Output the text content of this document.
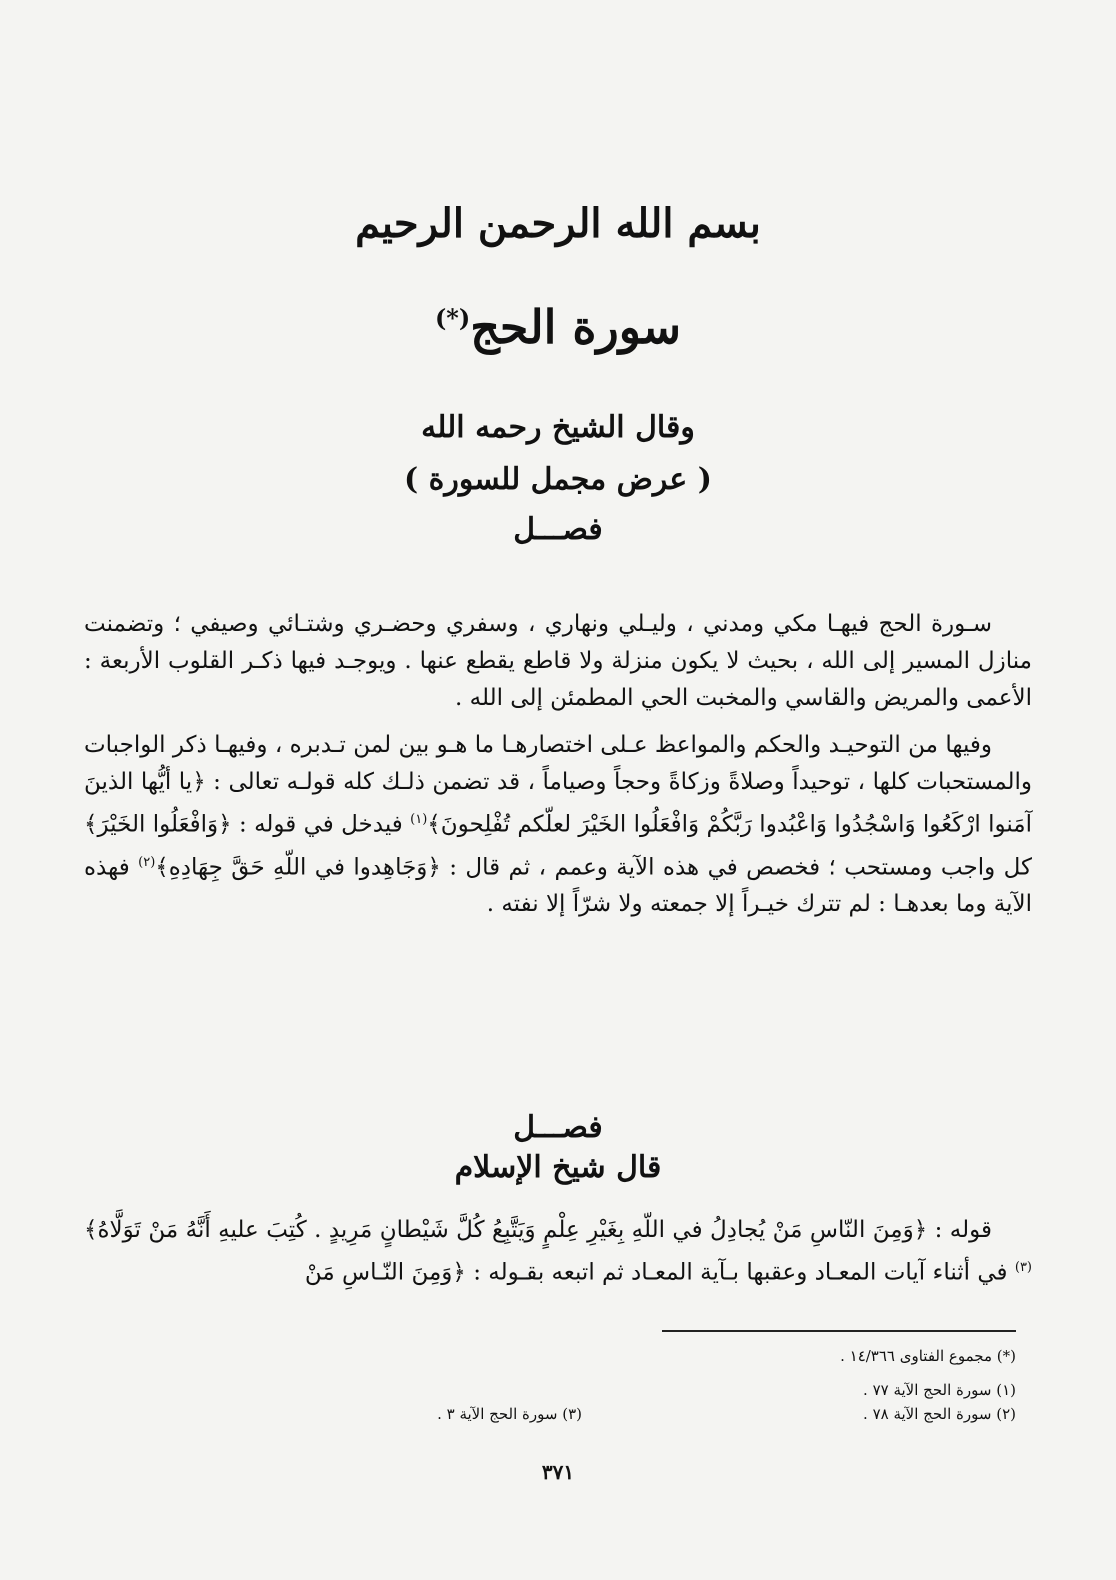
بسم الله الرحمن الرحيم
سورة الحج(*)
وقال الشيخ رحمه الله
( عرض مجمل للسورة )
فصـــل

سـورة الحج فيهـا مكي ومدني ، وليـلي ونهاري ، وسفري وحضـري وشتـائي وصيفي ؛ وتضمنت منازل المسير إلى الله ، بحيث لا يكون منزلة ولا قاطع يقطع عنها . ويوجـد فيها ذكـر القلوب الأربعة : الأعمى والمريض والقاسي والمخبت الحي المطمئن إلى الله .

وفيها من التوحيـد والحكم والمواعظ عـلى اختصارهـا ما هـو بين لمن تـدبره ، وفيهـا ذكر الواجبات والمستحبات كلها ، توحيداً وصلاةً وزكاةً وحجاً وصياماً ، قد تضمن ذلـك كله قولـه تعالى : ﴿يا أيُّها الذينَ آمَنوا ارْكَعُوا وَاسْجُدُوا وَاعْبُدوا رَبَّكُمْ وَافْعَلُوا الخَيْرَ لعلّكم تُفْلِحونَ﴾$^{(١)}$ فيدخل في قوله : ﴿وَافْعَلُوا الخَيْرَ﴾ كل واجب ومستحب ؛ فخصص في هذه الآية وعمم ، ثم قال : ﴿وَجَاهِدوا في اللّهِ حَقَّ جِهَادِهِ﴾$^{(٢)}$ فهذه الآية وما بعدهـا : لم تترك خيـراً إلا جمعته ولا شرّاً إلا نفته .

فصـــل
قال شيخ الإسلام

قوله : ﴿وَمِنَ النّاسِ مَنْ يُجادِلُ في اللّهِ بِغَيْرِ عِلْمٍ وَيَتَّبِعُ كُلَّ شَيْطانٍ مَرِيدٍ . كُتِبَ عليهِ أَنَّهُ مَنْ تَوَلَّاهُ﴾$^{(٣)}$ في أثناء آيات المعـاد وعقبها بـآية المعـاد ثم اتبعه بقـوله : ﴿وَمِنَ النّـاسِ مَنْ

(*) مجموع الفتاوى ١٤/٣٦٦ .
(١) سورة الحج الآية ٧٧ .
(٢) سورة الحج الآية ٧٨ .
(٣) سورة الحج الآية ٣ .
٣٧١
